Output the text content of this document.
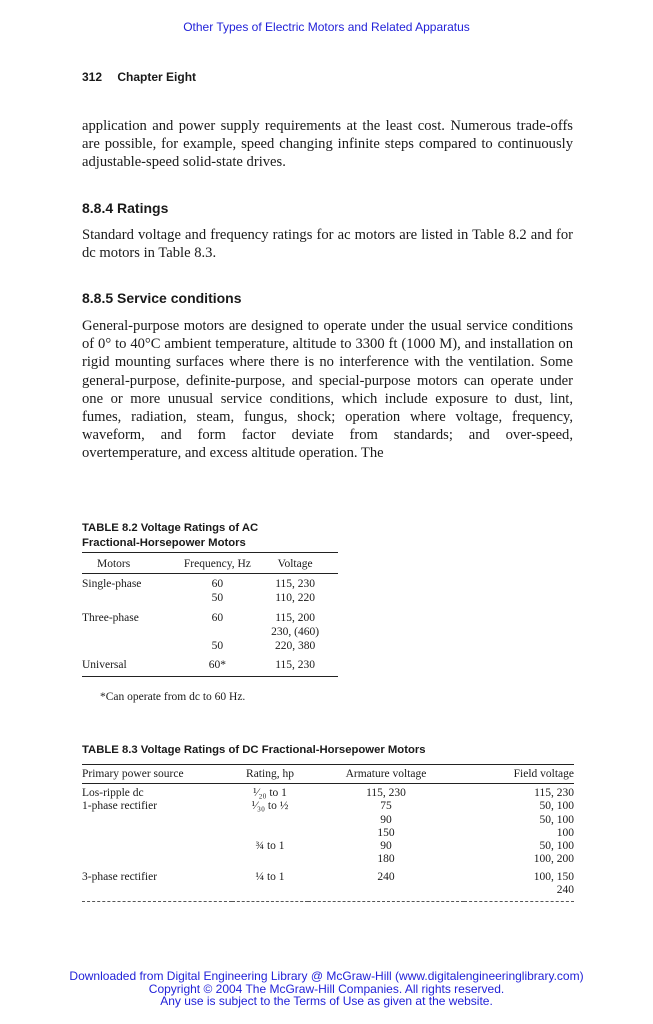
Other Types of Electric Motors and Related Apparatus
312 Chapter Eight

application and power supply requirements at the least cost. Numerous trade-offs are possible, for example, speed changing infinite steps compared to continuously adjustable-speed solid-state drives.

8.8.4 Ratings

Standard voltage and frequency ratings for ac motors are listed in Table 8.2 and for dc motors in Table 8.3.

8.8.5 Service conditions

General-purpose motors are designed to operate under the usual service conditions of 0° to 40°C ambient temperature, altitude to 3300 ft (1000 M), and installation on rigid mounting surfaces where there is no interference with the ventilation. Some general-purpose, definite-purpose, and special-purpose motors can operate under one or more unusual service conditions, which include exposure to dust, lint, fumes, radiation, steam, fungus, shock; operation where voltage, frequency, waveform, and form factor deviate from standards; and over-speed, overtemperature, and excess altitude operation. The

TABLE 8.2 Voltage Ratings of AC
Fractional-Horsepower Motors
Motors	Frequency, Hz	Voltage
Single-phase	60	115, 230
	50	110, 220
Three-phase	60	115, 200
		230, (460)
	50	220, 380
Universal	60*	115, 230
*Can operate from dc to 60 Hz.
TABLE 8.3 Voltage Ratings of DC Fractional-Horsepower Motors
Primary power source	Rating, hp	Armature voltage	Field voltage
Los-ripple dc	¹⁄₂₀ to 1	115, 230	115, 230
1-phase rectifier	¹⁄₃₀ to ½	75	50, 100
		90	50, 100
		150	100
	¾ to 1	90	50, 100
		180	100, 200
3-phase rectifier	¼ to 1	240	100, 150
			240
Downloaded from Digital Engineering Library @ McGraw-Hill (www.digitalengineeringlibrary.com)
Copyright © 2004 The McGraw-Hill Companies. All rights reserved.
Any use is subject to the Terms of Use as given at the website.
